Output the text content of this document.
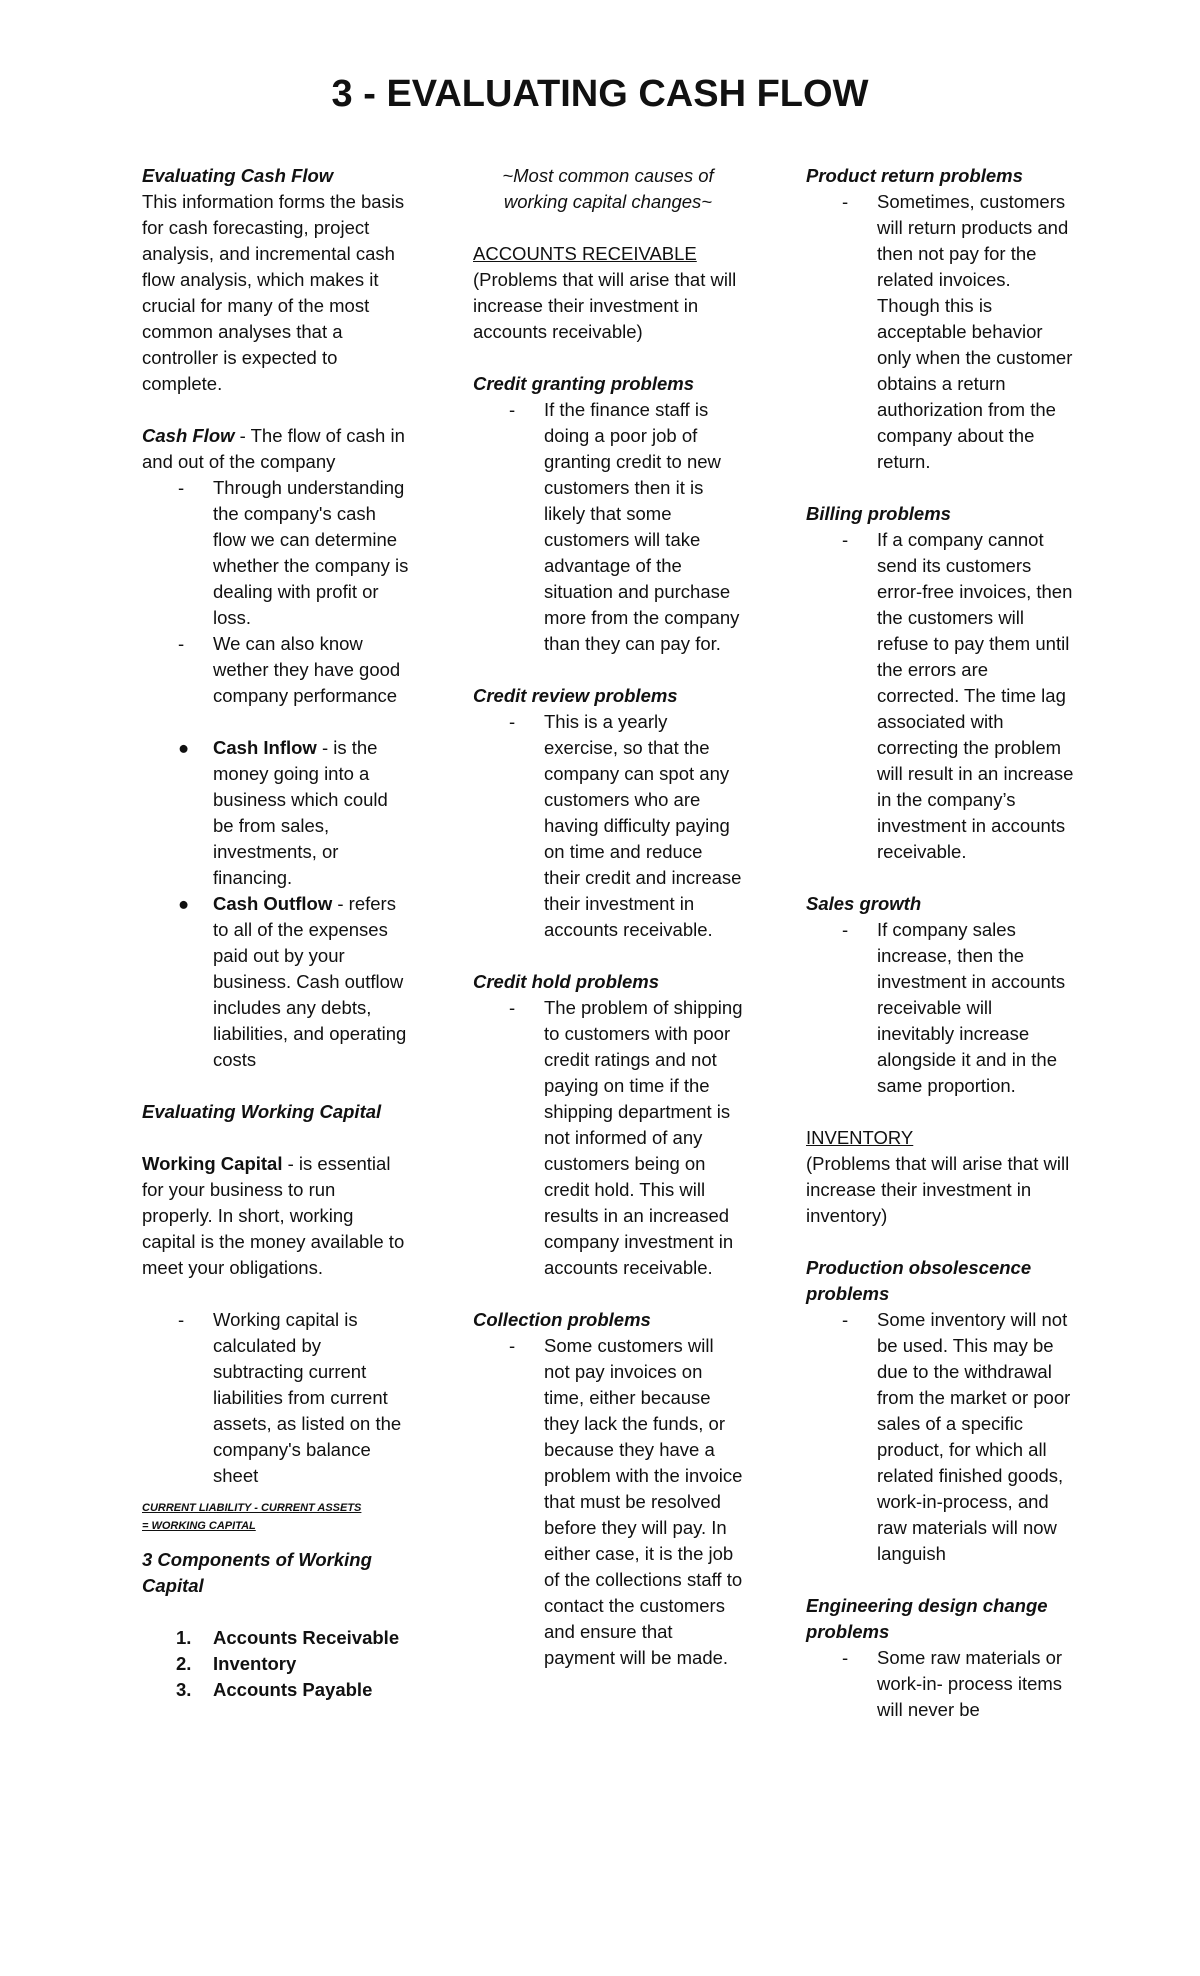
3 - EVALUATING CASH FLOW

Evaluating Cash Flow

This information forms the basis for cash forecasting, project analysis, and incremental cash flow analysis, which makes it crucial for many of the most common analyses that a controller is expected to complete.

Cash Flow - The flow of cash in and out of the company

- Through understanding the company's cash flow we can determine whether the company is dealing with profit or loss.
- We can also know wether they have good company performance
● Cash Inflow - is the money going into a business which could be from sales, investments, or financing.
● Cash Outflow - refers to all of the expenses paid out by your business. Cash outflow includes any debts, liabilities, and operating costs

Evaluating Working Capital

Working Capital - is essential for your business to run properly. In short, working capital is the money available to meet your obligations.

- Working capital is calculated by subtracting current liabilities from current assets, as listed on the company's balance sheet
CURRENT LIABILITY - CURRENT ASSETS
= WORKING CAPITAL

3 Components of Working Capital

1. Accounts Receivable
2. Inventory
3. Accounts Payable

~Most common causes of working capital changes~

ACCOUNTS RECEIVABLE

(Problems that will arise that will increase their investment in accounts receivable)

Credit granting problems

- If the finance staff is doing a poor job of granting credit to new customers then it is likely that some customers will take advantage of the situation and purchase more from the company than they can pay for.

Credit review problems

- This is a yearly exercise, so that the company can spot any customers who are having difficulty paying on time and reduce their credit and increase their investment in accounts receivable.

Credit hold problems

- The problem of shipping to customers with poor credit ratings and not paying on time if the shipping department is not informed of any customers being on credit hold. This will results in an increased company investment in accounts receivable.

Collection problems

- Some customers will not pay invoices on time, either because they lack the funds, or because they have a problem with the invoice that must be resolved before they will pay. In either case, it is the job of the collections staff to contact the customers and ensure that payment will be made.

Product return problems

- Sometimes, customers will return products and then not pay for the related invoices. Though this is acceptable behavior only when the customer obtains a return authorization from the company about the return.

Billing problems

- If a company cannot send its customers error-free invoices, then the customers will refuse to pay them until the errors are corrected. The time lag associated with correcting the problem will result in an increase in the company’s investment in accounts receivable.

Sales growth

- If company sales increase, then the investment in accounts receivable will inevitably increase alongside it and in the same proportion.

INVENTORY

(Problems that will arise that will increase their investment in inventory)

Production obsolescence problems

- Some inventory will not be used. This may be due to the withdrawal from the market or poor sales of a specific product, for which all related finished goods, work-in-process, and raw materials will now languish

Engineering design change problems

- Some raw materials or work-in- process items will never be
